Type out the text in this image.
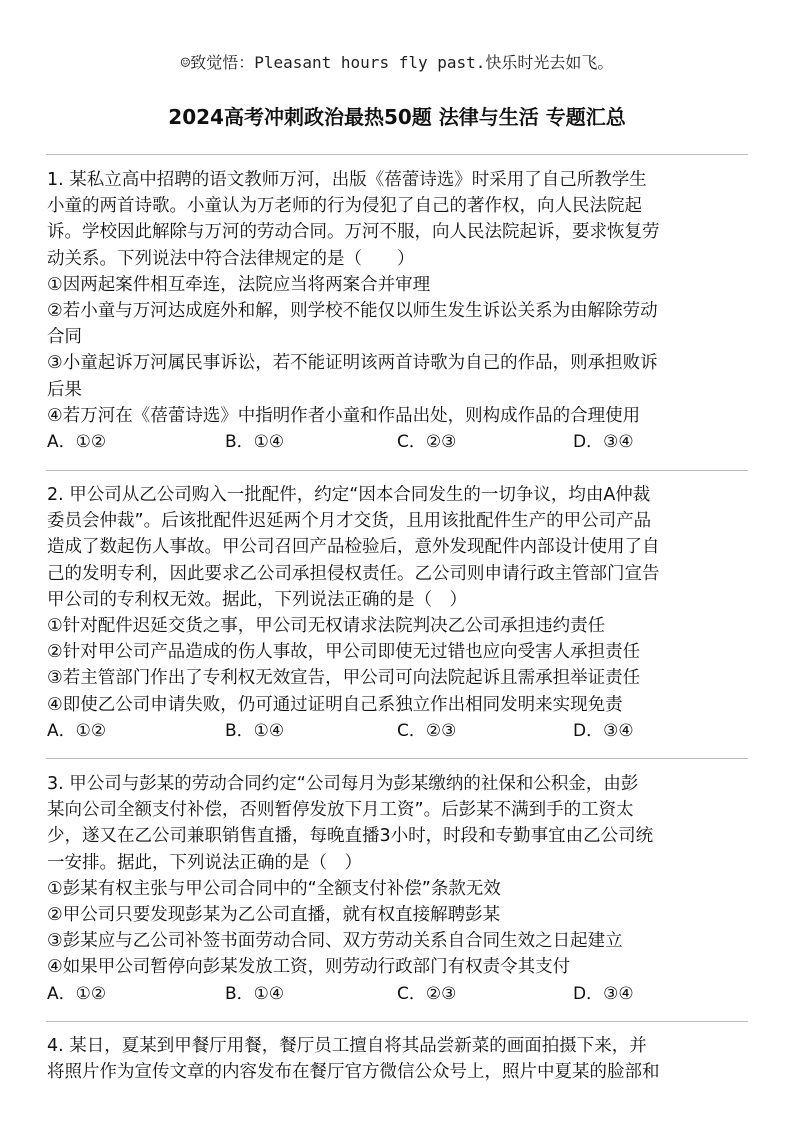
☺致觉悟：Pleasant hours fly past.快乐时光去如飞。
2024高考冲刺政治最热50题 法律与生活 专题汇总

1. 某私立高中招聘的语文教师万河，出版《蓓蕾诗选》时采用了自己所教学生

小童的两首诗歌。小童认为万老师的行为侵犯了自己的著作权，向人民法院起

诉。学校因此解除与万河的劳动合同。万河不服，向人民法院起诉，要求恢复劳

动关系。下列说法中符合法律规定的是（　　）

①因两起案件相互牵连，法院应当将两案合并审理

②若小童与万河达成庭外和解，则学校不能仅以师生发生诉讼关系为由解除劳动

合同

③小童起诉万河属民事诉讼，若不能证明该两首诗歌为自己的作品，则承担败诉

后果

④若万河在《蓓蕾诗选》中指明作者小童和作品出处，则构成作品的合理使用

A．①②	B．①④	C．②③	D．③④

2. 甲公司从乙公司购入一批配件，约定“因本合同发生的一切争议，均由A仲裁

委员会仲裁”。后该批配件迟延两个月才交货，且用该批配件生产的甲公司产品

造成了数起伤人事故。甲公司召回产品检验后，意外发现配件内部设计使用了自

己的发明专利，因此要求乙公司承担侵权责任。乙公司则申请行政主管部门宣告

甲公司的专利权无效。据此，下列说法正确的是（　）

①针对配件迟延交货之事，甲公司无权请求法院判决乙公司承担违约责任

②针对甲公司产品造成的伤人事故，甲公司即使无过错也应向受害人承担责任

③若主管部门作出了专利权无效宣告，甲公司可向法院起诉且需承担举证责任

④即使乙公司申请失败，仍可通过证明自己系独立作出相同发明来实现免责

A．①②	B．①④	C．②③	D．③④

3. 甲公司与彭某的劳动合同约定“公司每月为彭某缴纳的社保和公积金，由彭

某向公司全额支付补偿，否则暂停发放下月工资”。后彭某不满到手的工资太

少，遂又在乙公司兼职销售直播，每晚直播3小时，时段和专勤事宜由乙公司统

一安排。据此，下列说法正确的是（　）

①彭某有权主张与甲公司合同中的“全额支付补偿”条款无效

②甲公司只要发现彭某为乙公司直播，就有权直接解聘彭某

③彭某应与乙公司补签书面劳动合同、双方劳动关系自合同生效之日起建立

④如果甲公司暂停向彭某发放工资，则劳动行政部门有权责令其支付

A．①②	B．①④	C．②③	D．③④

4. 某日，夏某到甲餐厅用餐，餐厅员工擅自将其品尝新菜的画面拍摄下来，并

将照片作为宣传文章的内容发布在餐厅官方微信公众号上，照片中夏某的脸部和
